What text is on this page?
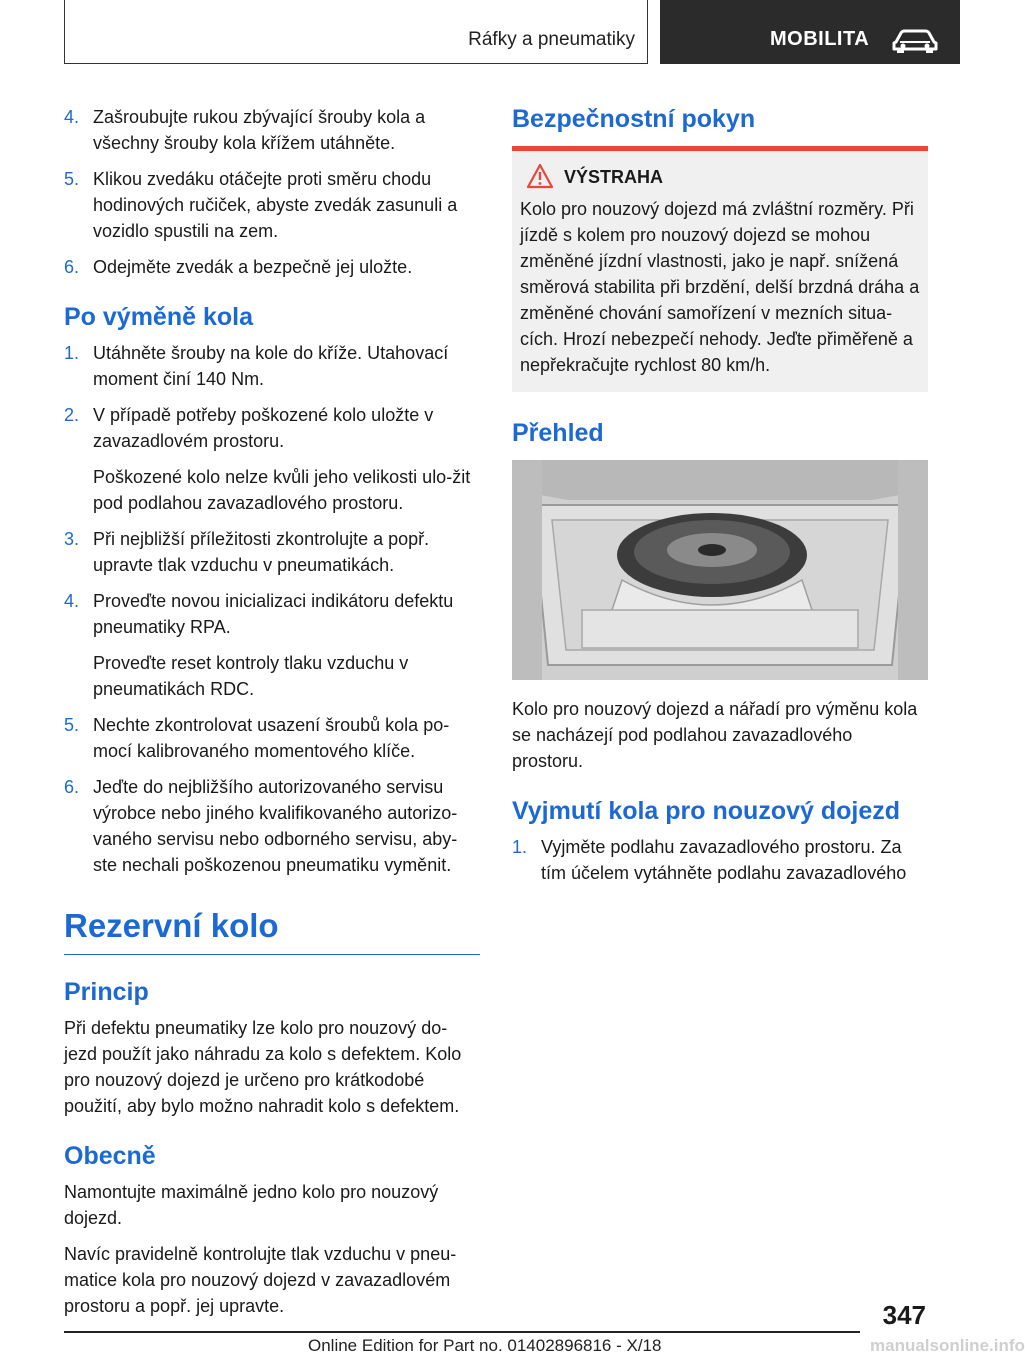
Ráfky a pneumatiky	MOBILITA
4. Zašroubujte rukou zbývající šrouby kola a všechny šrouby kola křížem utáhněte.
5. Klikou zvedáku otáčejte proti směru chodu hodinových ručiček, abyste zvedák zasunuli a vozidlo spustili na zem.
6. Odejměte zvedák a bezpečně jej uložte.
Po výměně kola
1. Utáhněte šrouby na kole do kříže. Utahovací moment činí 140 Nm.
2. V případě potřeby poškozené kolo uložte v zavazadlovém prostoru.
Poškozené kolo nelze kvůli jeho velikosti ulo-žit pod podlahou zavazadlového prostoru.
3. Při nejbližší příležitosti zkontrolujte a popř. upravte tlak vzduchu v pneumatikách.
4. Proveďte novou inicializaci indikátoru defektu pneumatiky RPA.
Proveďte reset kontroly tlaku vzduchu v pneumatikách RDC.
5. Nechte zkontrolovat usazení šroubů kola po-mocí kalibrovaného momentového klíče.
6. Jeďte do nejbližšího autorizovaného servisu výrobce nebo jiného kvalifikovaného autorizo-vaného servisu nebo odborného servisu, aby-ste nechali poškozenou pneumatiku vyměnit.
Rezervní kolo
Princip

Při defektu pneumatiky lze kolo pro nouzový do-jezd použít jako náhradu za kolo s defektem. Kolo pro nouzový dojezd je určeno pro krátkodobé použití, aby bylo možno nahradit kolo s defektem.

Obecně

Namontujte maximálně jedno kolo pro nouzový dojezd.

Navíc pravidelně kontrolujte tlak vzduchu v pneu-matice kola pro nouzový dojezd v zavazadlovém prostoru a popř. jej upravte.

Bezpečnostní pokyn
VÝSTRAHA
Kolo pro nouzový dojezd má zvláštní rozměry. Při jízdě s kolem pro nouzový dojezd se mohou změněné jízdní vlastnosti, jako je např. snížená směrová stabilita při brzdění, delší brzdná dráha a změněné chování samořízení v mezních situa-cích. Hrozí nebezpečí nehody. Jeďte přiměřeně a nepřekračujte rychlost 80 km/h.
Přehled
Kolo pro nouzový dojezd a nářadí pro výměnu kola se nacházejí pod podlahou zavazadlového prostoru.
Vyjmutí kola pro nouzový dojezd
1. Vyjměte podlahu zavazadlového prostoru. Za tím účelem vytáhněte podlahu zavazadlového
347
Online Edition for Part no. 01402896816 - X/18	manualsonline.info
